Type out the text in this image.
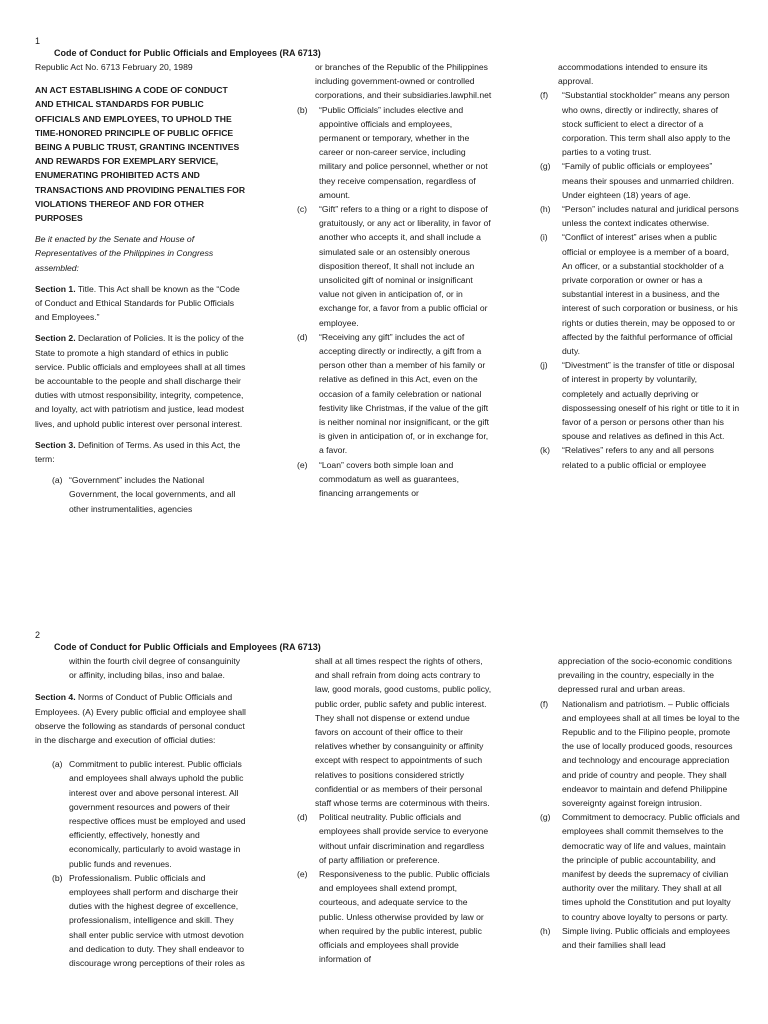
1
Code of Conduct for Public Officials and Employees (RA 6713)

Republic Act No. 6713 February 20, 1989

AN ACT ESTABLISHING A CODE OF CONDUCT AND ETHICAL STANDARDS FOR PUBLIC OFFICIALS AND EMPLOYEES, TO UPHOLD THE TIME-HONORED PRINCIPLE OF PUBLIC OFFICE BEING A PUBLIC TRUST, GRANTING INCENTIVES AND REWARDS FOR EXEMPLARY SERVICE, ENUMERATING PROHIBITED ACTS AND TRANSACTIONS AND PROVIDING PENALTIES FOR VIOLATIONS THEREOF AND FOR OTHER PURPOSES

Be it enacted by the Senate and House of Representatives of the Philippines in Congress assembled:

Section 1. Title. This Act shall be known as the “Code of Conduct and Ethical Standards for Public Officials and Employees.”

Section 2. Declaration of Policies. It is the policy of the State to promote a high standard of ethics in public service. Public officials and employees shall at all times be accountable to the people and shall discharge their duties with utmost responsibility, integrity, competence, and loyalty, act with patriotism and justice, lead modest lives, and uphold public interest over personal interest.

Section 3. Definition of Terms. As used in this Act, the term:

(a) “Government” includes the National Government, the local governments, and all other instrumentalities, agencies
or branches of the Republic of the Philippines including government-owned or controlled corporations, and their subsidiaries.lawphil.net
(b) “Public Officials” includes elective and appointive officials and employees, permanent or temporary, whether in the career or non-career service, including military and police personnel, whether or not they receive compensation, regardless of amount.
(c) “Gift” refers to a thing or a right to dispose of gratuitously, or any act or liberality, in favor of another who accepts it, and shall include a simulated sale or an ostensibly onerous disposition thereof, It shall not include an unsolicited gift of nominal or insignificant value not given in anticipation of, or in exchange for, a favor from a public official or employee.
(d) “Receiving any gift” includes the act of accepting directly or indirectly, a gift from a person other than a member of his family or relative as defined in this Act, even on the occasion of a family celebration or national festivity like Christmas, if the value of the gift is neither nominal nor insignificant, or the gift is given in anticipation of, or in exchange for, a favor.
(e) “Loan” covers both simple loan and commodatum as well as guarantees, financing arrangements or
accommodations intended to ensure its approval.
(f) “Substantial stockholder” means any person who owns, directly or indirectly, shares of stock sufficient to elect a director of a corporation. This term shall also apply to the parties to a voting trust.
(g) “Family of public officials or employees” means their spouses and unmarried children. Under eighteen (18) years of age.
(h) “Person” includes natural and juridical persons unless the context indicates otherwise.
(i) “Conflict of interest” arises when a public official or employee is a member of a board, An officer, or a substantial stockholder of a private corporation or owner or has a substantial interest in a business, and the interest of such corporation or business, or his rights or duties therein, may be opposed to or affected by the faithful performance of official duty.
(j) “Divestment” is the transfer of title or disposal of interest in property by voluntarily, completely and actually depriving or dispossessing oneself of his right or title to it in favor of a person or persons other than his spouse and relatives as defined in this Act.
(k) “Relatives” refers to any and all persons related to a public official or employee
2
Code of Conduct for Public Officials and Employees (RA 6713)

within the fourth civil degree of consanguinity or affinity, including bilas, inso and balae.

Section 4. Norms of Conduct of Public Officials and Employees. (A) Every public official and employee shall observe the following as standards of personal conduct in the discharge and execution of official duties:

(a) Commitment to public interest. Public officials and employees shall always uphold the public interest over and above personal interest. All government resources and powers of their respective offices must be employed and used efficiently, effectively, honestly and economically, particularly to avoid wastage in public funds and revenues.
(b) Professionalism. Public officials and employees shall perform and discharge their duties with the highest degree of excellence, professionalism, intelligence and skill. They shall enter public service with utmost devotion and dedication to duty. They shall endeavor to discourage wrong perceptions of their roles as
shall at all times respect the rights of others, and shall refrain from doing acts contrary to law, good morals, good customs, public policy, public order, public safety and public interest. They shall not dispense or extend undue favors on account of their office to their relatives whether by consanguinity or affinity except with respect to appointments of such relatives to positions considered strictly confidential or as members of their personal staff whose terms are coterminous with theirs.
(d) Political neutrality. Public officials and employees shall provide service to everyone without unfair discrimination and regardless of party affiliation or preference.
(e) Responsiveness to the public. Public officials and employees shall extend prompt, courteous, and adequate service to the public. Unless otherwise provided by law or when required by the public interest, public officials and employees shall provide information of
appreciation of the socio-economic conditions prevailing in the country, especially in the depressed rural and urban areas.
(f) Nationalism and patriotism. – Public officials and employees shall at all times be loyal to the Republic and to the Filipino people, promote the use of locally produced goods, resources and technology and encourage appreciation and pride of country and people. They shall endeavor to maintain and defend Philippine sovereignty against foreign intrusion.
(g) Commitment to democracy. Public officials and employees shall commit themselves to the democratic way of life and values, maintain the principle of public accountability, and manifest by deeds the supremacy of civilian authority over the military. They shall at all times uphold the Constitution and put loyalty to country above loyalty to persons or party.
(h) Simple living. Public officials and employees and their families shall lead
